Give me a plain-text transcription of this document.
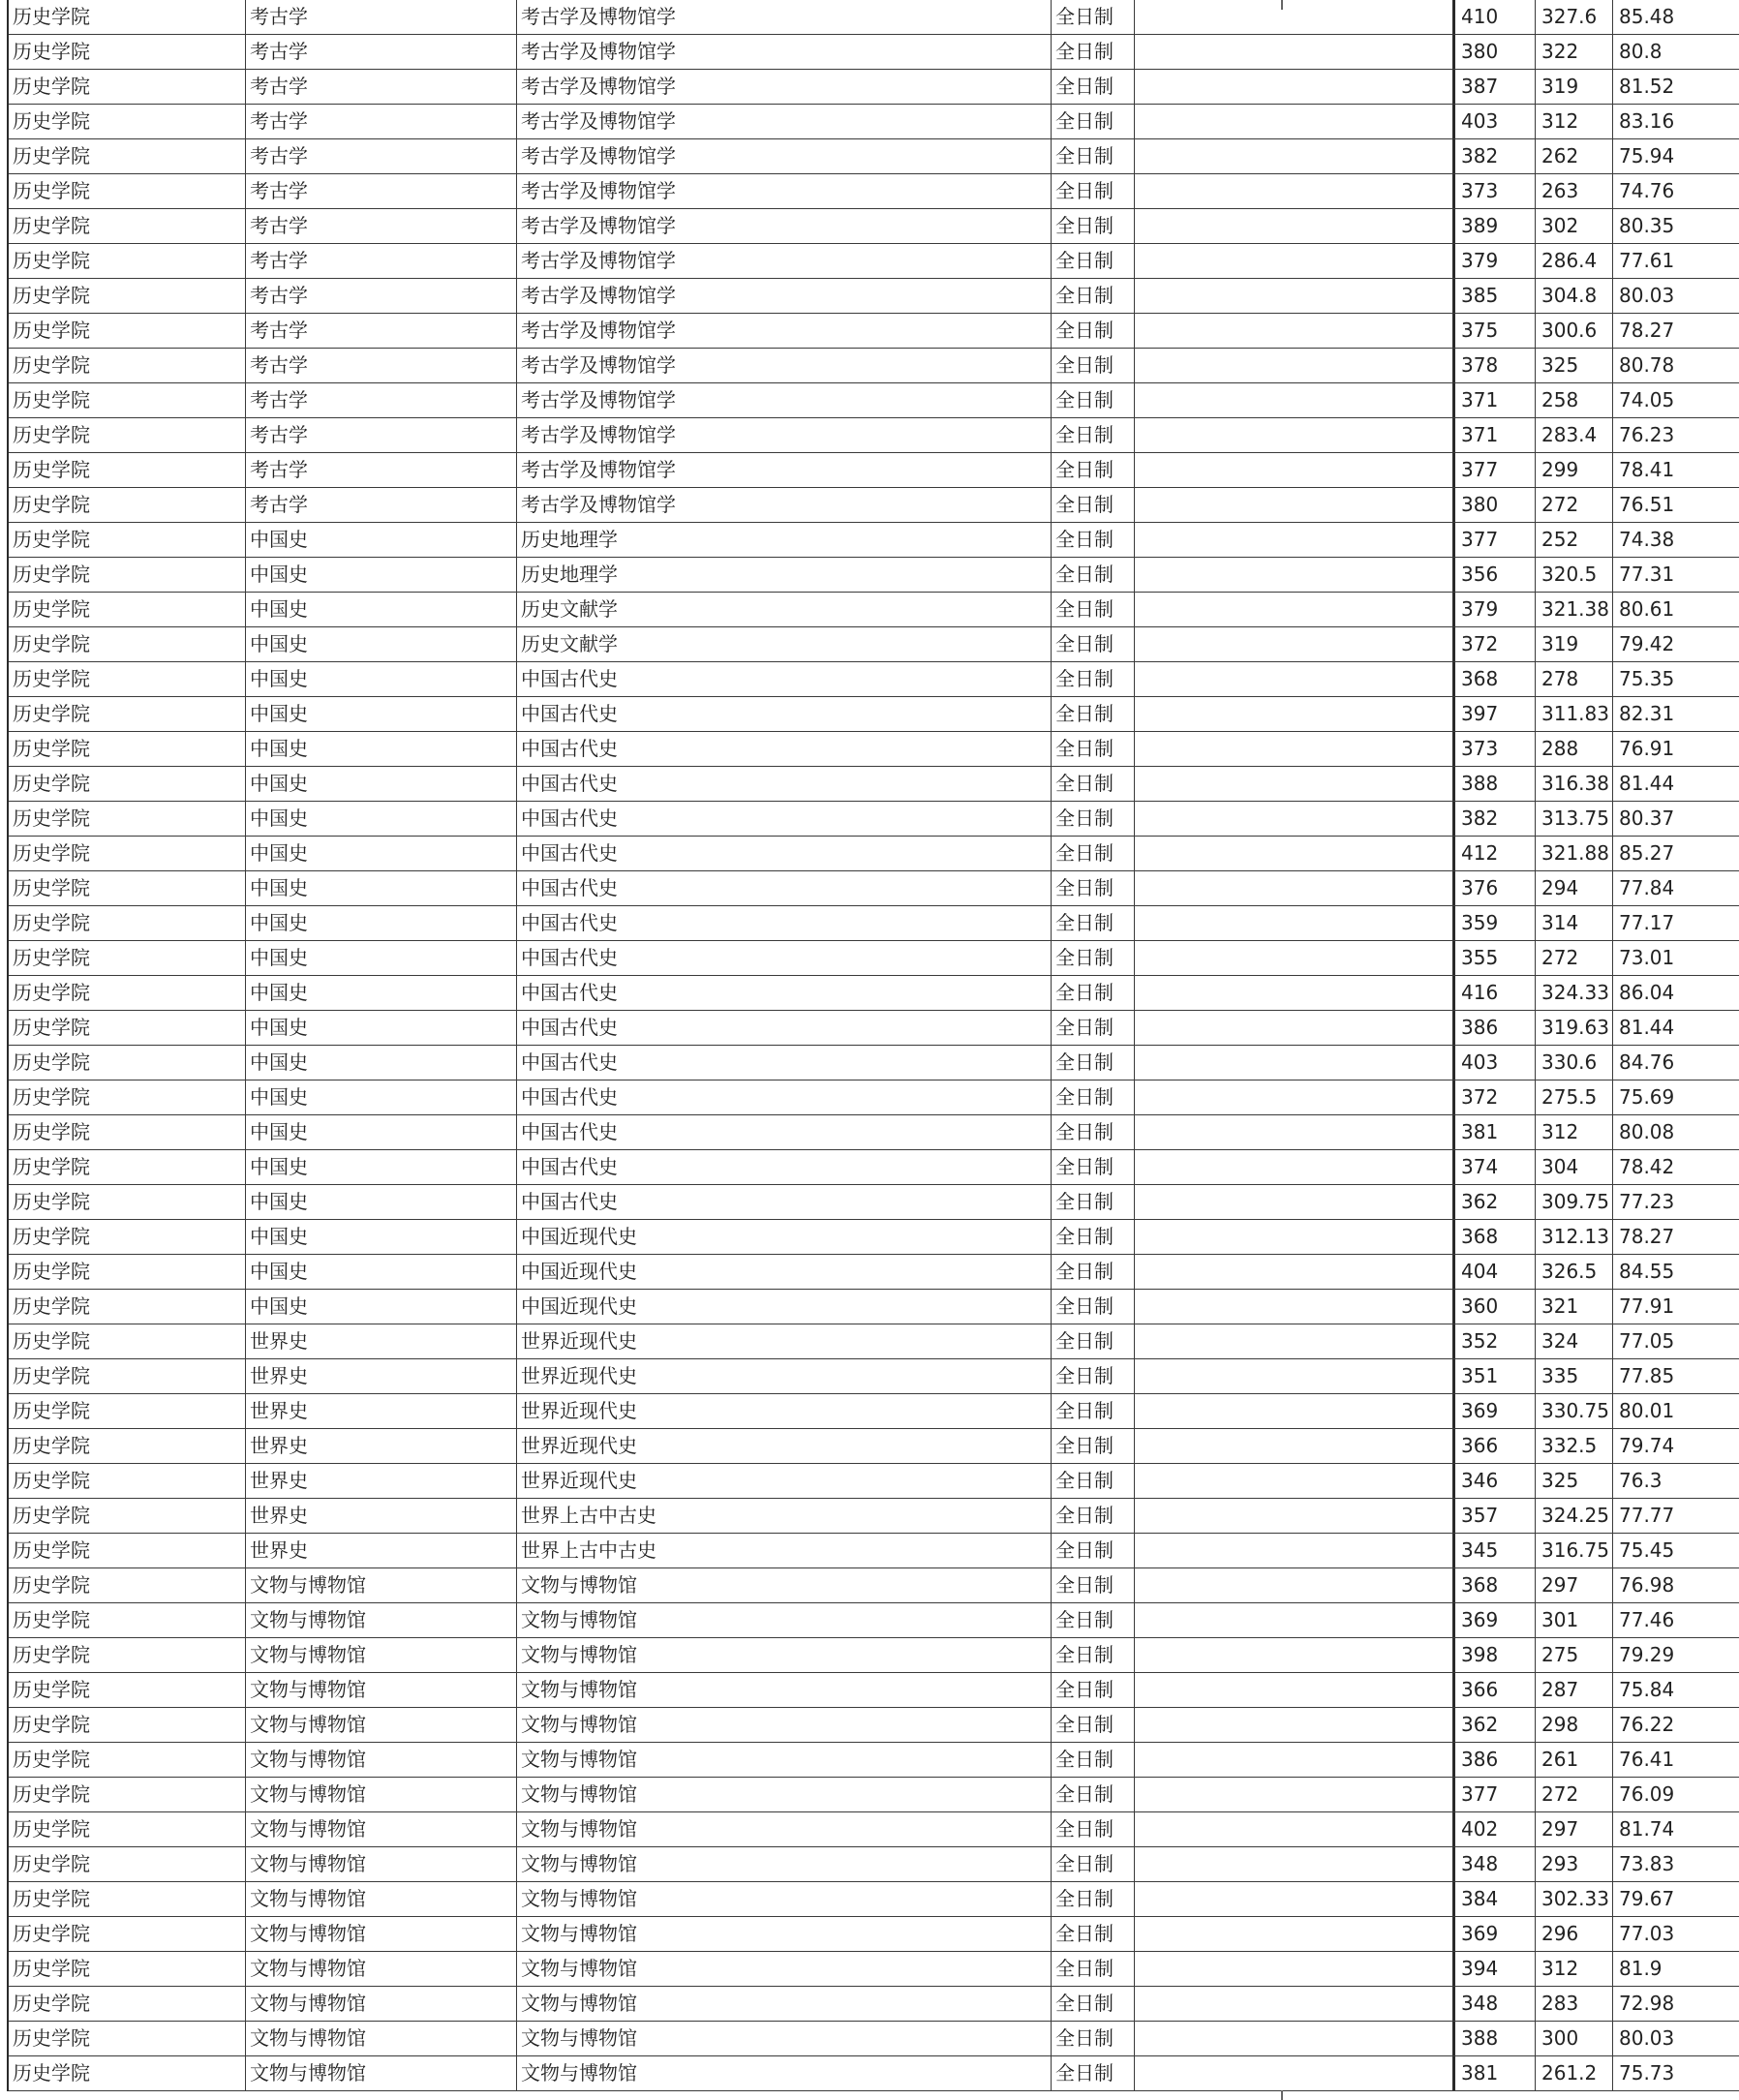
历史学院	考古学	考古学及博物馆学	全日制	410	327.6	85.48
历史学院	考古学	考古学及博物馆学	全日制	380	322	80.8
历史学院	考古学	考古学及博物馆学	全日制	387	319	81.52
历史学院	考古学	考古学及博物馆学	全日制	403	312	83.16
历史学院	考古学	考古学及博物馆学	全日制	382	262	75.94
历史学院	考古学	考古学及博物馆学	全日制	373	263	74.76
历史学院	考古学	考古学及博物馆学	全日制	389	302	80.35
历史学院	考古学	考古学及博物馆学	全日制	379	286.4	77.61
历史学院	考古学	考古学及博物馆学	全日制	385	304.8	80.03
历史学院	考古学	考古学及博物馆学	全日制	375	300.6	78.27
历史学院	考古学	考古学及博物馆学	全日制	378	325	80.78
历史学院	考古学	考古学及博物馆学	全日制	371	258	74.05
历史学院	考古学	考古学及博物馆学	全日制	371	283.4	76.23
历史学院	考古学	考古学及博物馆学	全日制	377	299	78.41
历史学院	考古学	考古学及博物馆学	全日制	380	272	76.51
历史学院	中国史	历史地理学	全日制	377	252	74.38
历史学院	中国史	历史地理学	全日制	356	320.5	77.31
历史学院	中国史	历史文献学	全日制	379	321.38 80.61
历史学院	中国史	历史文献学	全日制	372	319	79.42
历史学院	中国史	中国古代史	全日制	368	278	75.35
历史学院	中国史	中国古代史	全日制	397	311.83 82.31
历史学院	中国史	中国古代史	全日制	373	288	76.91
历史学院	中国史	中国古代史	全日制	388	316.38 81.44
历史学院	中国史	中国古代史	全日制	382	313.75 80.37
历史学院	中国史	中国古代史	全日制	412	321.88 85.27
历史学院	中国史	中国古代史	全日制	376	294	77.84
历史学院	中国史	中国古代史	全日制	359	314	77.17
历史学院	中国史	中国古代史	全日制	355	272	73.01
历史学院	中国史	中国古代史	全日制	416	324.33 86.04
历史学院	中国史	中国古代史	全日制	386	319.63 81.44
历史学院	中国史	中国古代史	全日制	403	330.6	84.76
历史学院	中国史	中国古代史	全日制	372	275.5	75.69
历史学院	中国史	中国古代史	全日制	381	312	80.08
历史学院	中国史	中国古代史	全日制	374	304	78.42
历史学院	中国史	中国古代史	全日制	362	309.75 77.23
历史学院	中国史	中国近现代史	全日制	368	312.13 78.27
历史学院	中国史	中国近现代史	全日制	404	326.5	84.55
历史学院	中国史	中国近现代史	全日制	360	321	77.91
历史学院	世界史	世界近现代史	全日制	352	324	77.05
历史学院	世界史	世界近现代史	全日制	351	335	77.85
历史学院	世界史	世界近现代史	全日制	369	330.75 80.01
历史学院	世界史	世界近现代史	全日制	366	332.5	79.74
历史学院	世界史	世界近现代史	全日制	346	325	76.3
历史学院	世界史	世界上古中古史	全日制	357	324.25 77.77
历史学院	世界史	世界上古中古史	全日制	345	316.75 75.45
历史学院	文物与博物馆	文物与博物馆	全日制	368	297	76.98
历史学院	文物与博物馆	文物与博物馆	全日制	369	301	77.46
历史学院	文物与博物馆	文物与博物馆	全日制	398	275	79.29
历史学院	文物与博物馆	文物与博物馆	全日制	366	287	75.84
历史学院	文物与博物馆	文物与博物馆	全日制	362	298	76.22
历史学院	文物与博物馆	文物与博物馆	全日制	386	261	76.41
历史学院	文物与博物馆	文物与博物馆	全日制	377	272	76.09
历史学院	文物与博物馆	文物与博物馆	全日制	402	297	81.74
历史学院	文物与博物馆	文物与博物馆	全日制	348	293	73.83
历史学院	文物与博物馆	文物与博物馆	全日制	384	302.33 79.67
历史学院	文物与博物馆	文物与博物馆	全日制	369	296	77.03
历史学院	文物与博物馆	文物与博物馆	全日制	394	312	81.9
历史学院	文物与博物馆	文物与博物馆	全日制	348	283	72.98
历史学院	文物与博物馆	文物与博物馆	全日制	388	300	80.03
历史学院	文物与博物馆	文物与博物馆	全日制	381	261.2	75.73
